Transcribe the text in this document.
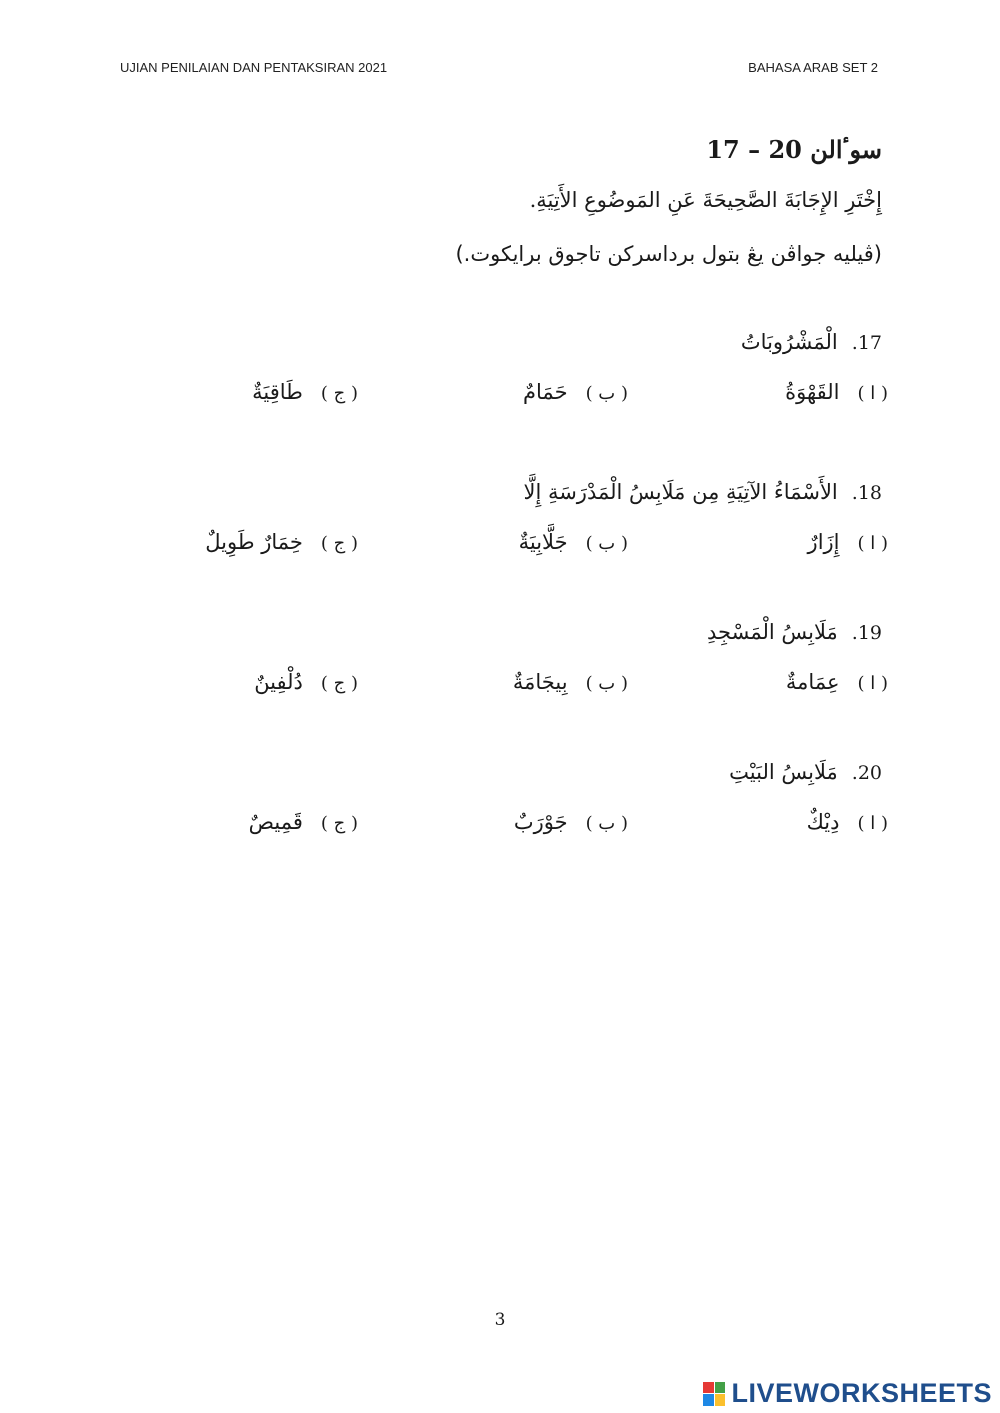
UJIAN PENILAIAN DAN PENTAKSIRAN 2021	BAHASA ARAB SET 2
سوٴالن 20 – 17
إِخْتَرِ الإِجَابَةَ الصَّحِيحَةَ عَنِ المَوضُوعِ الأَتِيَةِ.
(ڤيليه جواڤن يڠ بتول برداسرکن تاجوق برايکوت.)
17.الْمَشْرُوبَاتُ
( ا )القَهْوَةُ
( ب )حَمَامٌ
( ج )طَاقِيَةٌ
18.الأَسْمَاءُ الآتِيَةِ مِن مَلَابِسُ الْمَدْرَسَةِ إِلَّا
( ا )إِزَارٌ
( ب )جَلَّابِيَةٌ
( ج )خِمَارٌ طَوِيلٌ
19.مَلَابِسُ الْمَسْجِدِ
( ا )عِمَامةٌ
( ب )بِيجَامَةٌ
( ج )دُلْفِينٌ
20.مَلَابِسُ البَيْتِ
( ا )دِيْكٌ
( ب )جَوْرَبٌ
( ج )قَمِيصٌ
3
LIVEWORKSHEETS
